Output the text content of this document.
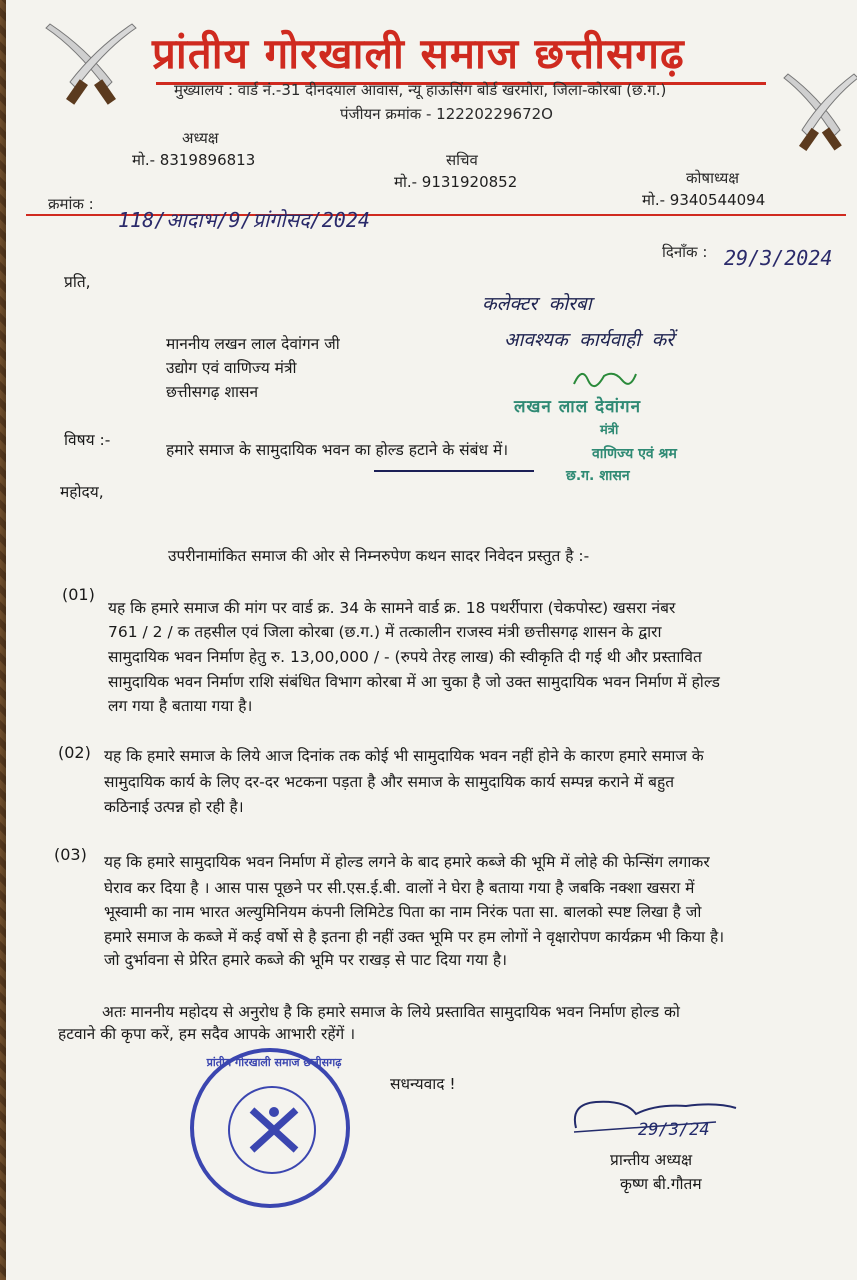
प्रांतीय गोरखाली समाज छत्तीसगढ़
मुख्यालय : वार्ड नं.-31 दीनदयाल आवास, न्यू हाऊसिंग बोर्ड खरमोरा, जिला-कोरबा (छ.ग.)
पंजीयन क्रमांक - 12220229672O
अध्यक्ष
मो.- 8319896813	सचिव
मो.- 9131920852	कोषाध्यक्ष
मो.- 9340544094
क्रमांक :
118/आदाभ/9/प्रांगोसद/2024
दिनाँक : 29/3/2024
प्रति,
माननीय लखन लाल देवांगन जी
उद्योग एवं वाणिज्य मंत्री
छत्तीसगढ़ शासन
कलेक्टर कोरबा
आवश्यक कार्यवाही करें
लखन लाल देवांगन
मंत्री
वाणिज्य एवं श्रम
छ.ग. शासन
विषय :-
हमारे समाज के सामुदायिक भवन का होल्ड हटाने के संबंध में।
महोदय,
उपरीनामांकित समाज की ओर से निम्नरुपेण कथन सादर निवेदन प्रस्तुत है :-
(01)
यह कि हमारे समाज की मांग पर वार्ड क्र. 34 के सामने वार्ड क्र. 18 पथर्रीपारा (चेकपोस्ट) खसरा नंबर
761 / 2 / क तहसील एवं जिला कोरबा (छ.ग.) में तत्कालीन राजस्व मंत्री छत्तीसगढ़ शासन के द्वारा
सामुदायिक भवन निर्माण हेतु रु. 13,00,000 / - (रुपये तेरह लाख) की स्वीकृति दी गई थी और प्रस्तावित
सामुदायिक भवन निर्माण राशि संबंधित विभाग कोरबा में आ चुका है जो उक्त सामुदायिक भवन निर्माण में होल्ड
लग गया है बताया गया है।
(02) यह कि हमारे समाज के लिये आज दिनांक तक कोई भी सामुदायिक भवन नहीं होने के कारण हमारे समाज के
सामुदायिक कार्य के लिए दर-दर भटकना पड़ता है और समाज के सामुदायिक कार्य सम्पन्न कराने में बहुत
कठिनाई उत्पन्न हो रही है।
(03) यह कि हमारे सामुदायिक भवन निर्माण में होल्ड लगने के बाद हमारे कब्जे की भूमि में लोहे की फेन्सिंग लगाकर
घेराव कर दिया है । आस पास पूछने पर सी.एस.ई.बी. वालों ने घेरा है बताया गया है जबकि नक्शा खसरा में
भूस्वामी का नाम भारत अल्युमिनियम कंपनी लिमिटेड पिता का नाम निरंक पता सा. बालको स्पष्ट लिखा है जो
हमारे समाज के कब्जे में कई वर्षो से है इतना ही नहीं उक्त भूमि पर हम लोगों ने वृक्षारोपण कार्यक्रम भी किया है।
जो दुर्भावना से प्रेरित हमारे कब्जे की भूमि पर राखड़ से पाट दिया गया है।
अतः माननीय महोदय से अनुरोध है कि हमारे समाज के लिये प्रस्तावित सामुदायिक भवन निर्माण होल्ड को
हटवाने की कृपा करें, हम सदैव आपके आभारी रहेंगें ।
सधन्यवाद !
प्रांतीय गोरखाली समाज छत्तीसगढ़
29/3/24
प्रान्तीय अध्यक्ष
कृष्ण बी.गौतम
